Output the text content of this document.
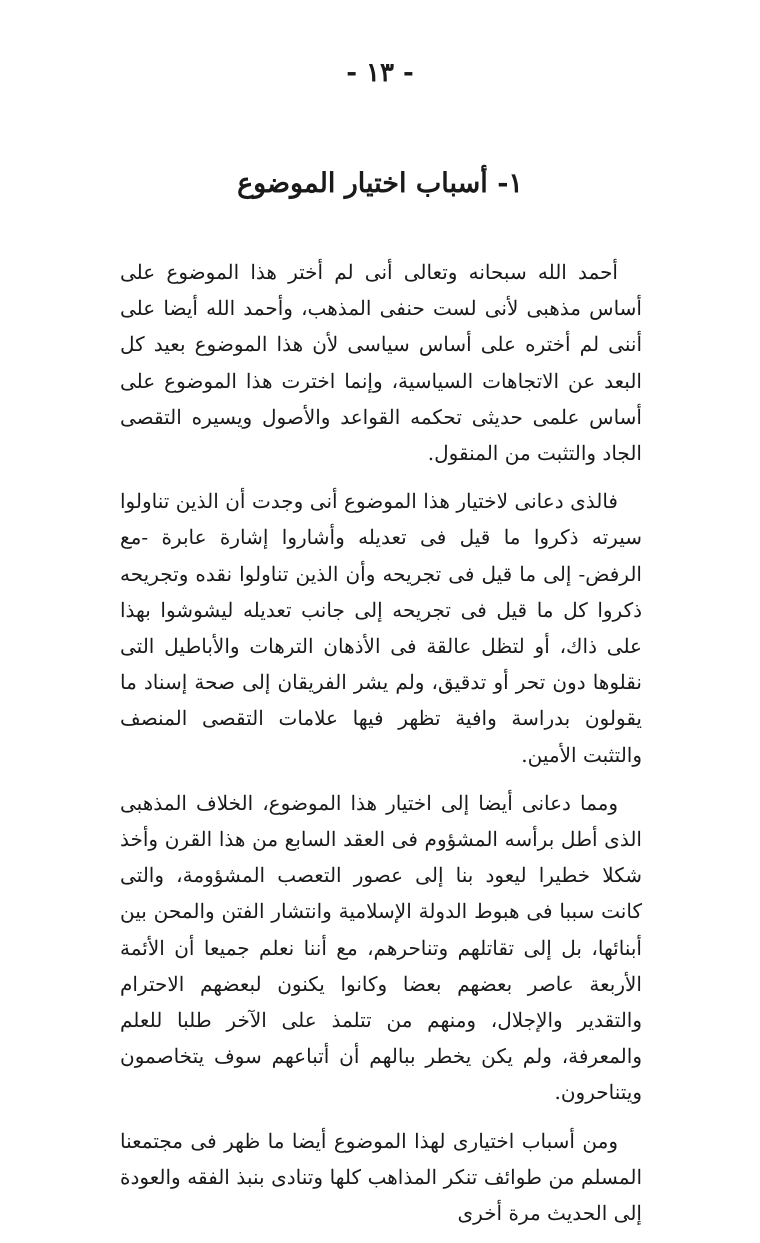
- ١٣ -
١- أسباب اختيار الموضوع

أحمد الله سبحانه وتعالى أنى لم أختر هذا الموضوع على أساس مذهبى لأنى لست حنفى المذهب، وأحمد الله أيضا على أننى لم أختره على أساس سياسى لأن هذا الموضوع بعيد كل البعد عن الاتجاهات السياسية، وإنما اخترت هذا الموضوع على أساس علمى حديثى تحكمه القواعد والأصول ويسيره التقصى الجاد والتثبت من المنقول.

فالذى دعانى لاختيار هذا الموضوع أنى وجدت أن الذين تناولوا سيرته ذكروا ما قيل فى تعديله وأشاروا إشارة عابرة -مع الرفض- إلى ما قيل فى تجريحه وأن الذين تناولوا نقده وتجريحه ذكروا كل ما قيل فى تجريحه إلى جانب تعديله ليشوشوا بهذا على ذاك، أو لتظل عالقة فى الأذهان الترهات والأباطيل التى نقلوها دون تحر أو تدقيق، ولم يشر الفريقان إلى صحة إسناد ما يقولون بدراسة وافية تظهر فيها علامات التقصى المنصف والتثبت الأمين.

ومما دعانى أيضا إلى اختيار هذا الموضوع، الخلاف المذهبى الذى أطل برأسه المشؤوم فى العقد السابع من هذا القرن وأخذ شكلا خطيرا ليعود بنا إلى عصور التعصب المشؤومة، والتى كانت سببا فى هبوط الدولة الإسلامية وانتشار الفتن والمحن بين أبنائها، بل إلى تقاتلهم وتناحرهم، مع أننا نعلم جميعا أن الأئمة الأربعة عاصر بعضهم بعضا وكانوا يكنون لبعضهم الاحترام والتقدير والإجلال، ومنهم من تتلمذ على الآخر طلبا للعلم والمعرفة، ولم يكن يخطر ببالهم أن أتباعهم سوف يتخاصمون ويتناحرون.

ومن أسباب اختيارى لهذا الموضوع أيضا ما ظهر فى مجتمعنا المسلم من طوائف تنكر المذاهب كلها وتنادى بنبذ الفقه والعودة إلى الحديث مرة أخرى
